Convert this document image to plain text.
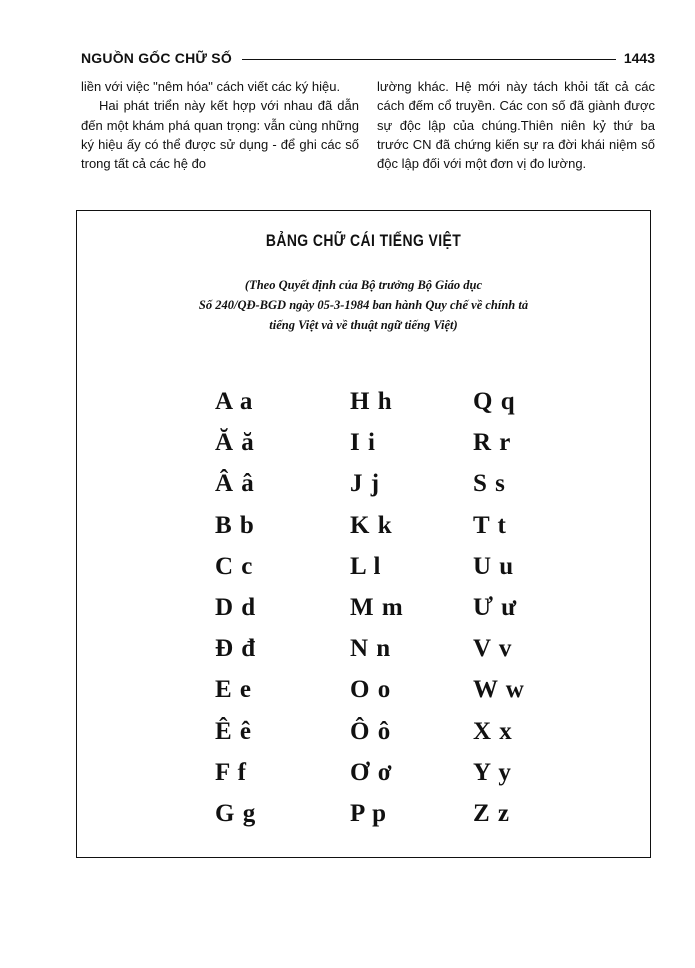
NGUỒN GỐC CHỮ SỐ	1443

liền với việc "nêm hóa" cách viết các ký hiệu.

Hai phát triển này kết hợp với nhau đã dẫn đến một khám phá quan trọng: vẫn cùng những ký hiệu ấy có thể được sử dụng - để ghi các số trong tất cả các hệ đo

lường khác. Hệ mới này tách khỏi tất cả các cách đếm cổ truyền. Các con số đã giành được sự độc lập của chúng.Thiên niên kỷ thứ ba trước CN đã chứng kiến sự ra đời khái niệm số độc lập đối với một đơn vị đo lường.

BẢNG CHỮ CÁI TIẾNG VIỆT
(Theo Quyết định của Bộ trưởng Bộ Giáo dục
Số 240/QĐ-BGD ngày 05-3-1984 ban hành Quy chế về chính tả
tiếng Việt và về thuật ngữ tiếng Việt)
A a
Ă ă
Â â
B b
C c
D d
Đ đ
E e
Ê ê
F f
G g
H h
I i
J j
K k
L l
M m
N n
O o
Ô ô
Ơ ơ
P p
Q q
R r
S s
T t
U u
Ư ư
V v
W w
X x
Y y
Z z
